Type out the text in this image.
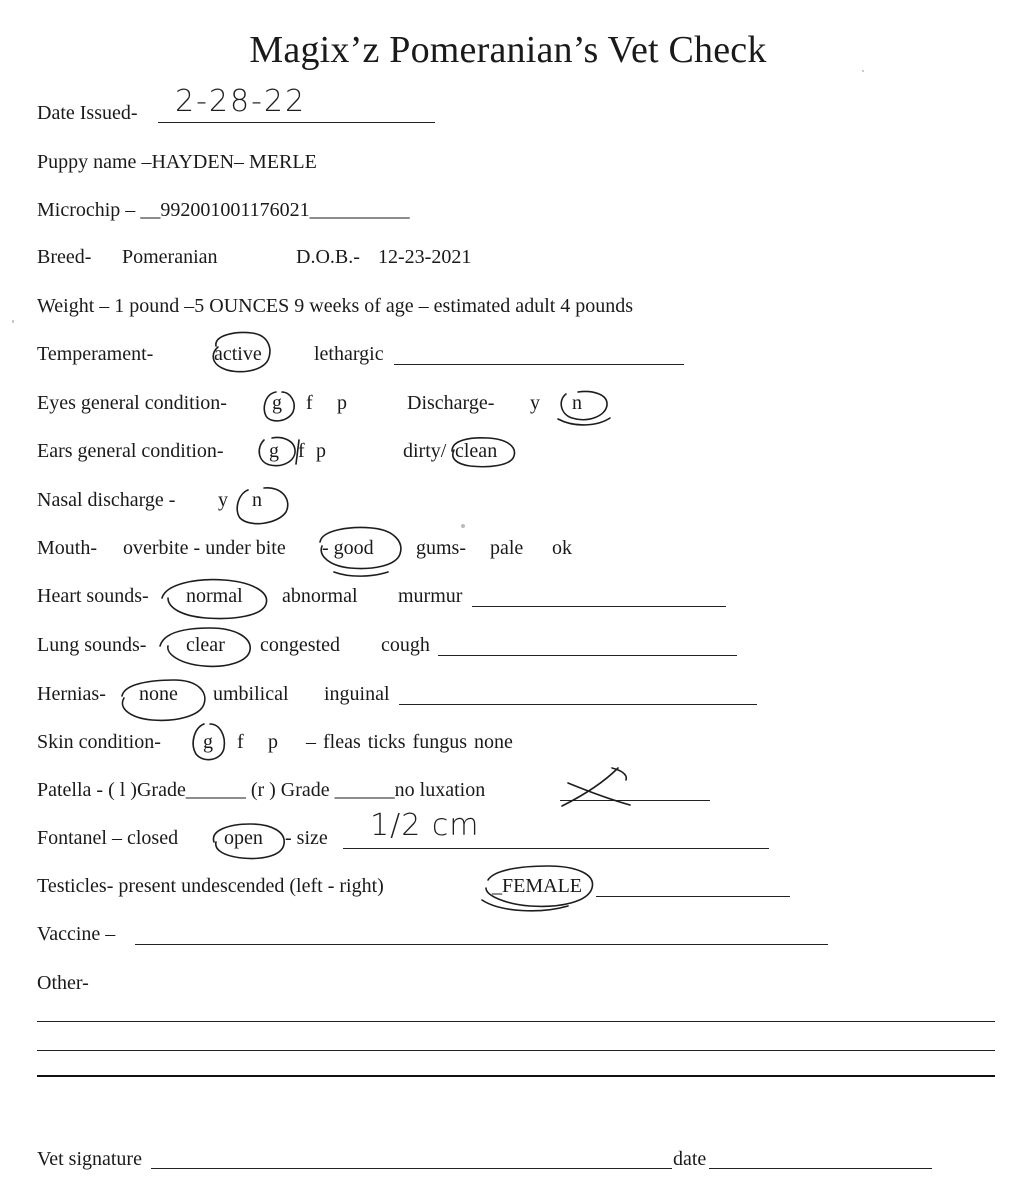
Magix’z Pomeranian’s Vet Check
Date Issued- 2-28-22
Puppy name –HAYDEN– MERLE
Microchip – __992001001176021__________
Breed- Pomeranian	D.O.B.- 12-23-2021
Weight – 1 pound –5 OUNCES 9 weeks of age – estimated adult 4 pounds
Temperament-	active	lethargic
Eyes general condition- g f p	Discharge- y n
Ears general condition- g f p	dirty/ clean
Nasal discharge - y n
Mouth- overbite - under bite - good gums- pale ok
Heart sounds- normal abnormal murmur
Lung sounds- clear congested cough
Hernias- none umbilical inguinal
Skin condition- g f p – fleas ticks fungus none
Patella - ( l )Grade______ (r ) Grade ______no luxation
Fontanel – closed open - size 1/2 cm
Testicles- present undescended (left - right)	_FEMALE
Vaccine –
Other-
Vet signature	date
